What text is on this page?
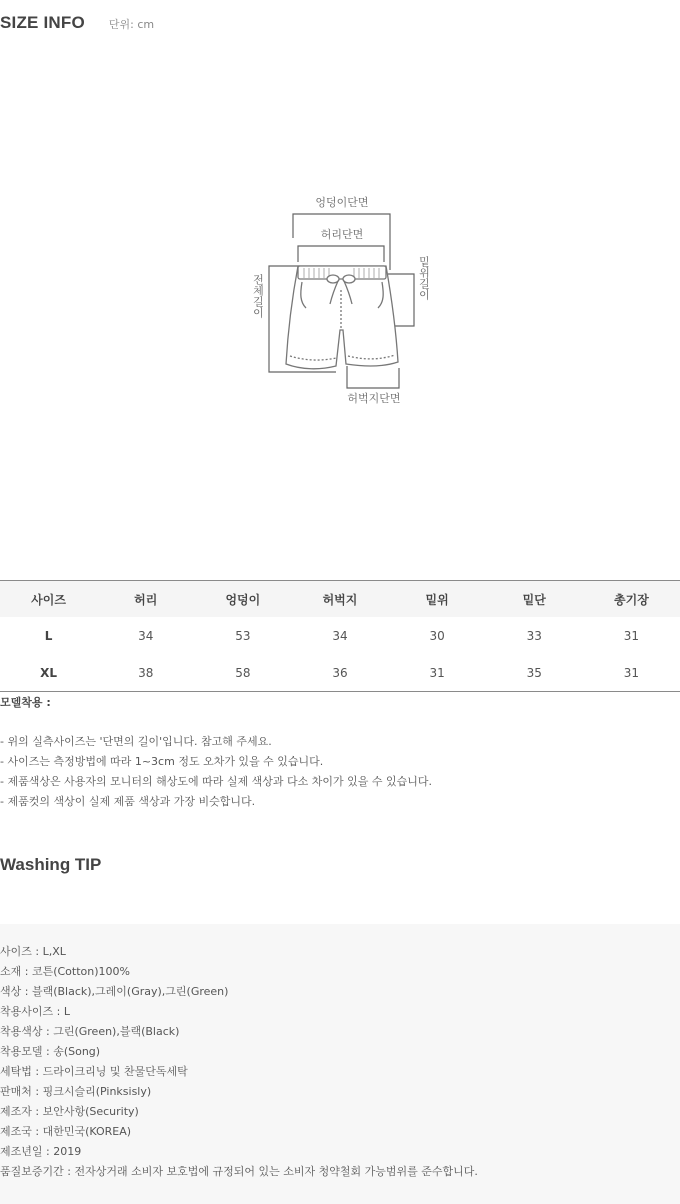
SIZE INFO 단위: cm
엉덩이단면
허리단면
전체길이	밑위길이
허벅지단면
사이즈	허리	엉덩이	허벅지	밑위	밑단	총기장
L	34	53	34	30	33	31
XL	38	58	36	31	35	31
모델착용 :
- 위의 실측사이즈는 '단면의 길이'입니다. 참고해 주세요.
- 사이즈는 측정방법에 따라 1~3cm 정도 오차가 있을 수 있습니다.
- 제품색상은 사용자의 모니터의 해상도에 따라 실제 색상과 다소 차이가 있을 수 있습니다.
- 제품컷의 색상이 실제 제품 색상과 가장 비슷합니다.
Washing TIP
사이즈 : L,XL
소재 : 코튼(Cotton)100%
색상 : 블랙(Black),그레이(Gray),그린(Green)
착용사이즈 : L
착용색상 : 그린(Green),블랙(Black)
착용모델 : 송(Song)
세탁법 : 드라이크리닝 및 찬물단독세탁
판매처 : 핑크시슬리(Pinksisly)
제조자 : 보안사항(Security)
제조국 : 대한민국(KOREA)
제조년일 : 2019
품질보증기간 : 전자상거래 소비자 보호법에 규정되어 있는 소비자 청약철회 가능범위를 준수합니다.
